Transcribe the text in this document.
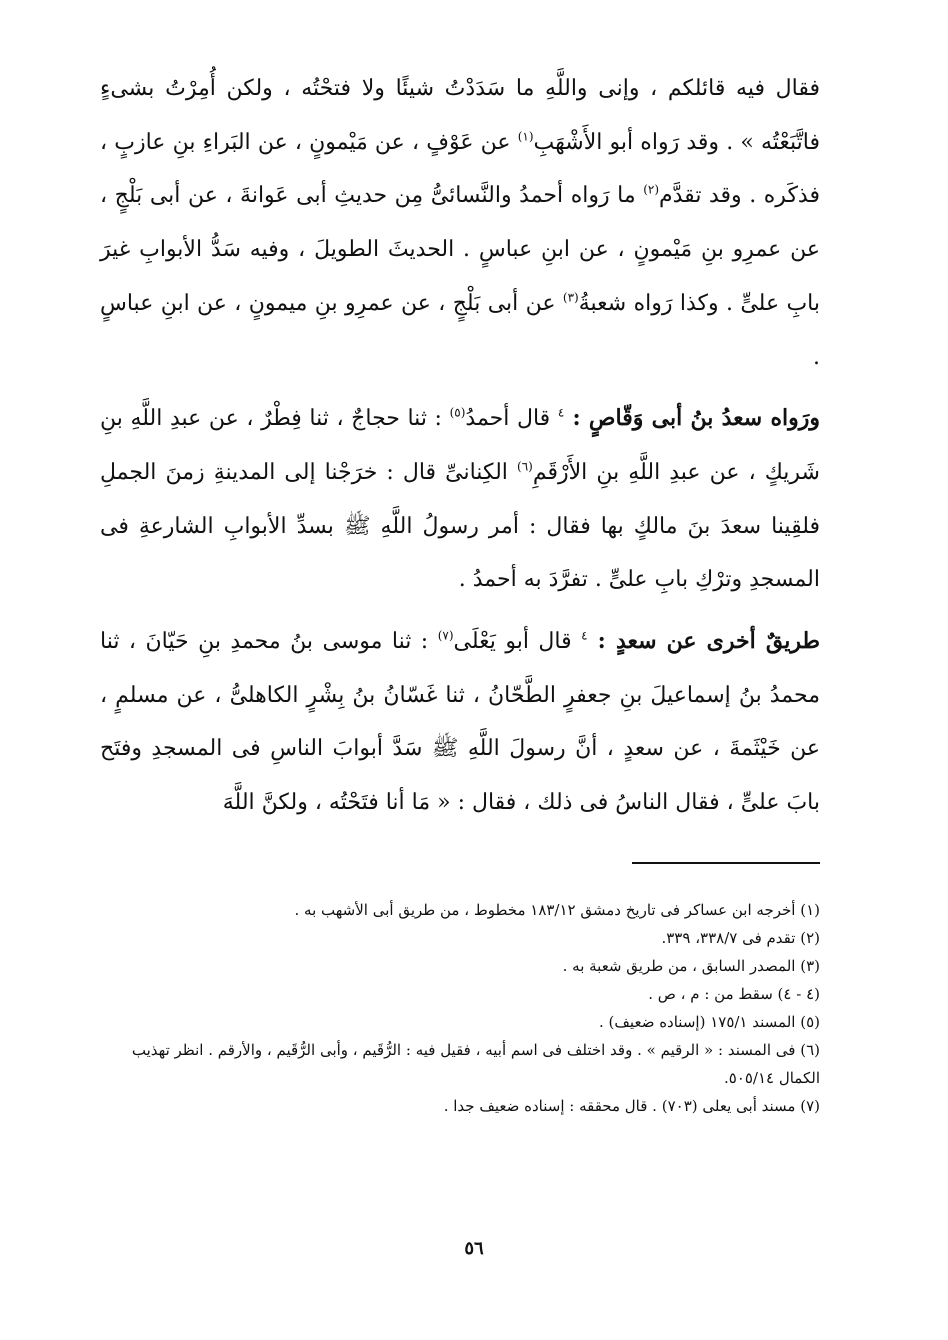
فقال فيه قائلكم ، وإنى واللَّهِ ما سَدَدْتُ شيئًا ولا فتحْتُه ، ولكن أُمِرْتُ بشىءٍ فاتَّبَعْتُه » . وقد رَواه أبو الأَشْهَبِ$^{(١)}$ عن عَوْفٍ ، عن مَيْمونٍ ، عن البَراءِ بنِ عازبٍ ، فذكَره . وقد تقدَّم$^{(٢)}$ ما رَواه أحمدُ والنَّسائىُّ مِن حديثِ أبى عَوانةَ ، عن أبى بَلْجٍ ، عن عمرِو بنِ مَيْمونٍ ، عن ابنِ عباسٍ . الحديثَ الطويلَ ، وفيه سَدُّ الأبوابِ غيرَ بابِ علىٍّ . وكذا رَواه شعبةُ$^{(٣)}$ عن أبى بَلْجٍ ، عن عمرِو بنِ ميمونٍ ، عن ابنِ عباسٍ .

ورَواه سعدُ بنُ أبى وَقّاصٍ : $^٤$ قال أحمدُ$^{(٥)}$ : ثنا حجاجٌ ، ثنا فِطْرٌ ، عن عبدِ اللَّهِ بنِ شَريكٍ ، عن عبدِ اللَّهِ بنِ الأَرْقَمِ$^{(٦)}$ الكِنانىِّ قال : خرَجْنا إلى المدينةِ زمنَ الجملِ فلقِينا سعدَ بنَ مالكٍ بها فقال : أمر رسولُ اللَّهِ ﷺ بسدِّ الأبوابِ الشارعةِ فى المسجدِ وترْكِ بابِ علىٍّ . تفرَّدَ به أحمدُ .

طريقٌ أخرى عن سعدٍ : $^٤$ قال أبو يَعْلَى$^{(٧)}$ : ثنا موسى بنُ محمدِ بنِ حَيّانَ ، ثنا محمدُ بنُ إسماعيلَ بنِ جعفرٍ الطَّحّانُ ، ثنا غَسّانُ بنُ بِشْرٍ الكاهلىُّ ، عن مسلمٍ ، عن خَيْثَمةَ ، عن سعدٍ ، أنَّ رسولَ اللَّهِ ﷺ سَدَّ أبوابَ الناسِ فى المسجدِ وفتَح بابَ علىٍّ ، فقال الناسُ فى ذلك ، فقال : « مَا أنا فتَحْتُه ، ولكنَّ اللَّهَ

(١) أخرجه ابن عساكر فى تاريخ دمشق ١٨٣/١٢ مخطوط ، من طريق أبى الأشهب به .

(٢) تقدم فى ٣٣٨/٧، ٣٣٩.

(٣) المصدر السابق ، من طريق شعبة به .

(٤ - ٤) سقط من : م ، ص .

(٥) المسند ١٧٥/١ (إسناده ضعيف) .

(٦) فى المسند : « الرقيم » . وقد اختلف فى اسم أبيه ، فقيل فيه : الرُّقَيم ، وأبى الرُّقَيم ، والأرقم . انظر تهذيب الكمال ٥٠٥/١٤.

(٧) مسند أبى يعلى (٧٠٣) . قال محققه : إسناده ضعيف جدا .

٥٦
